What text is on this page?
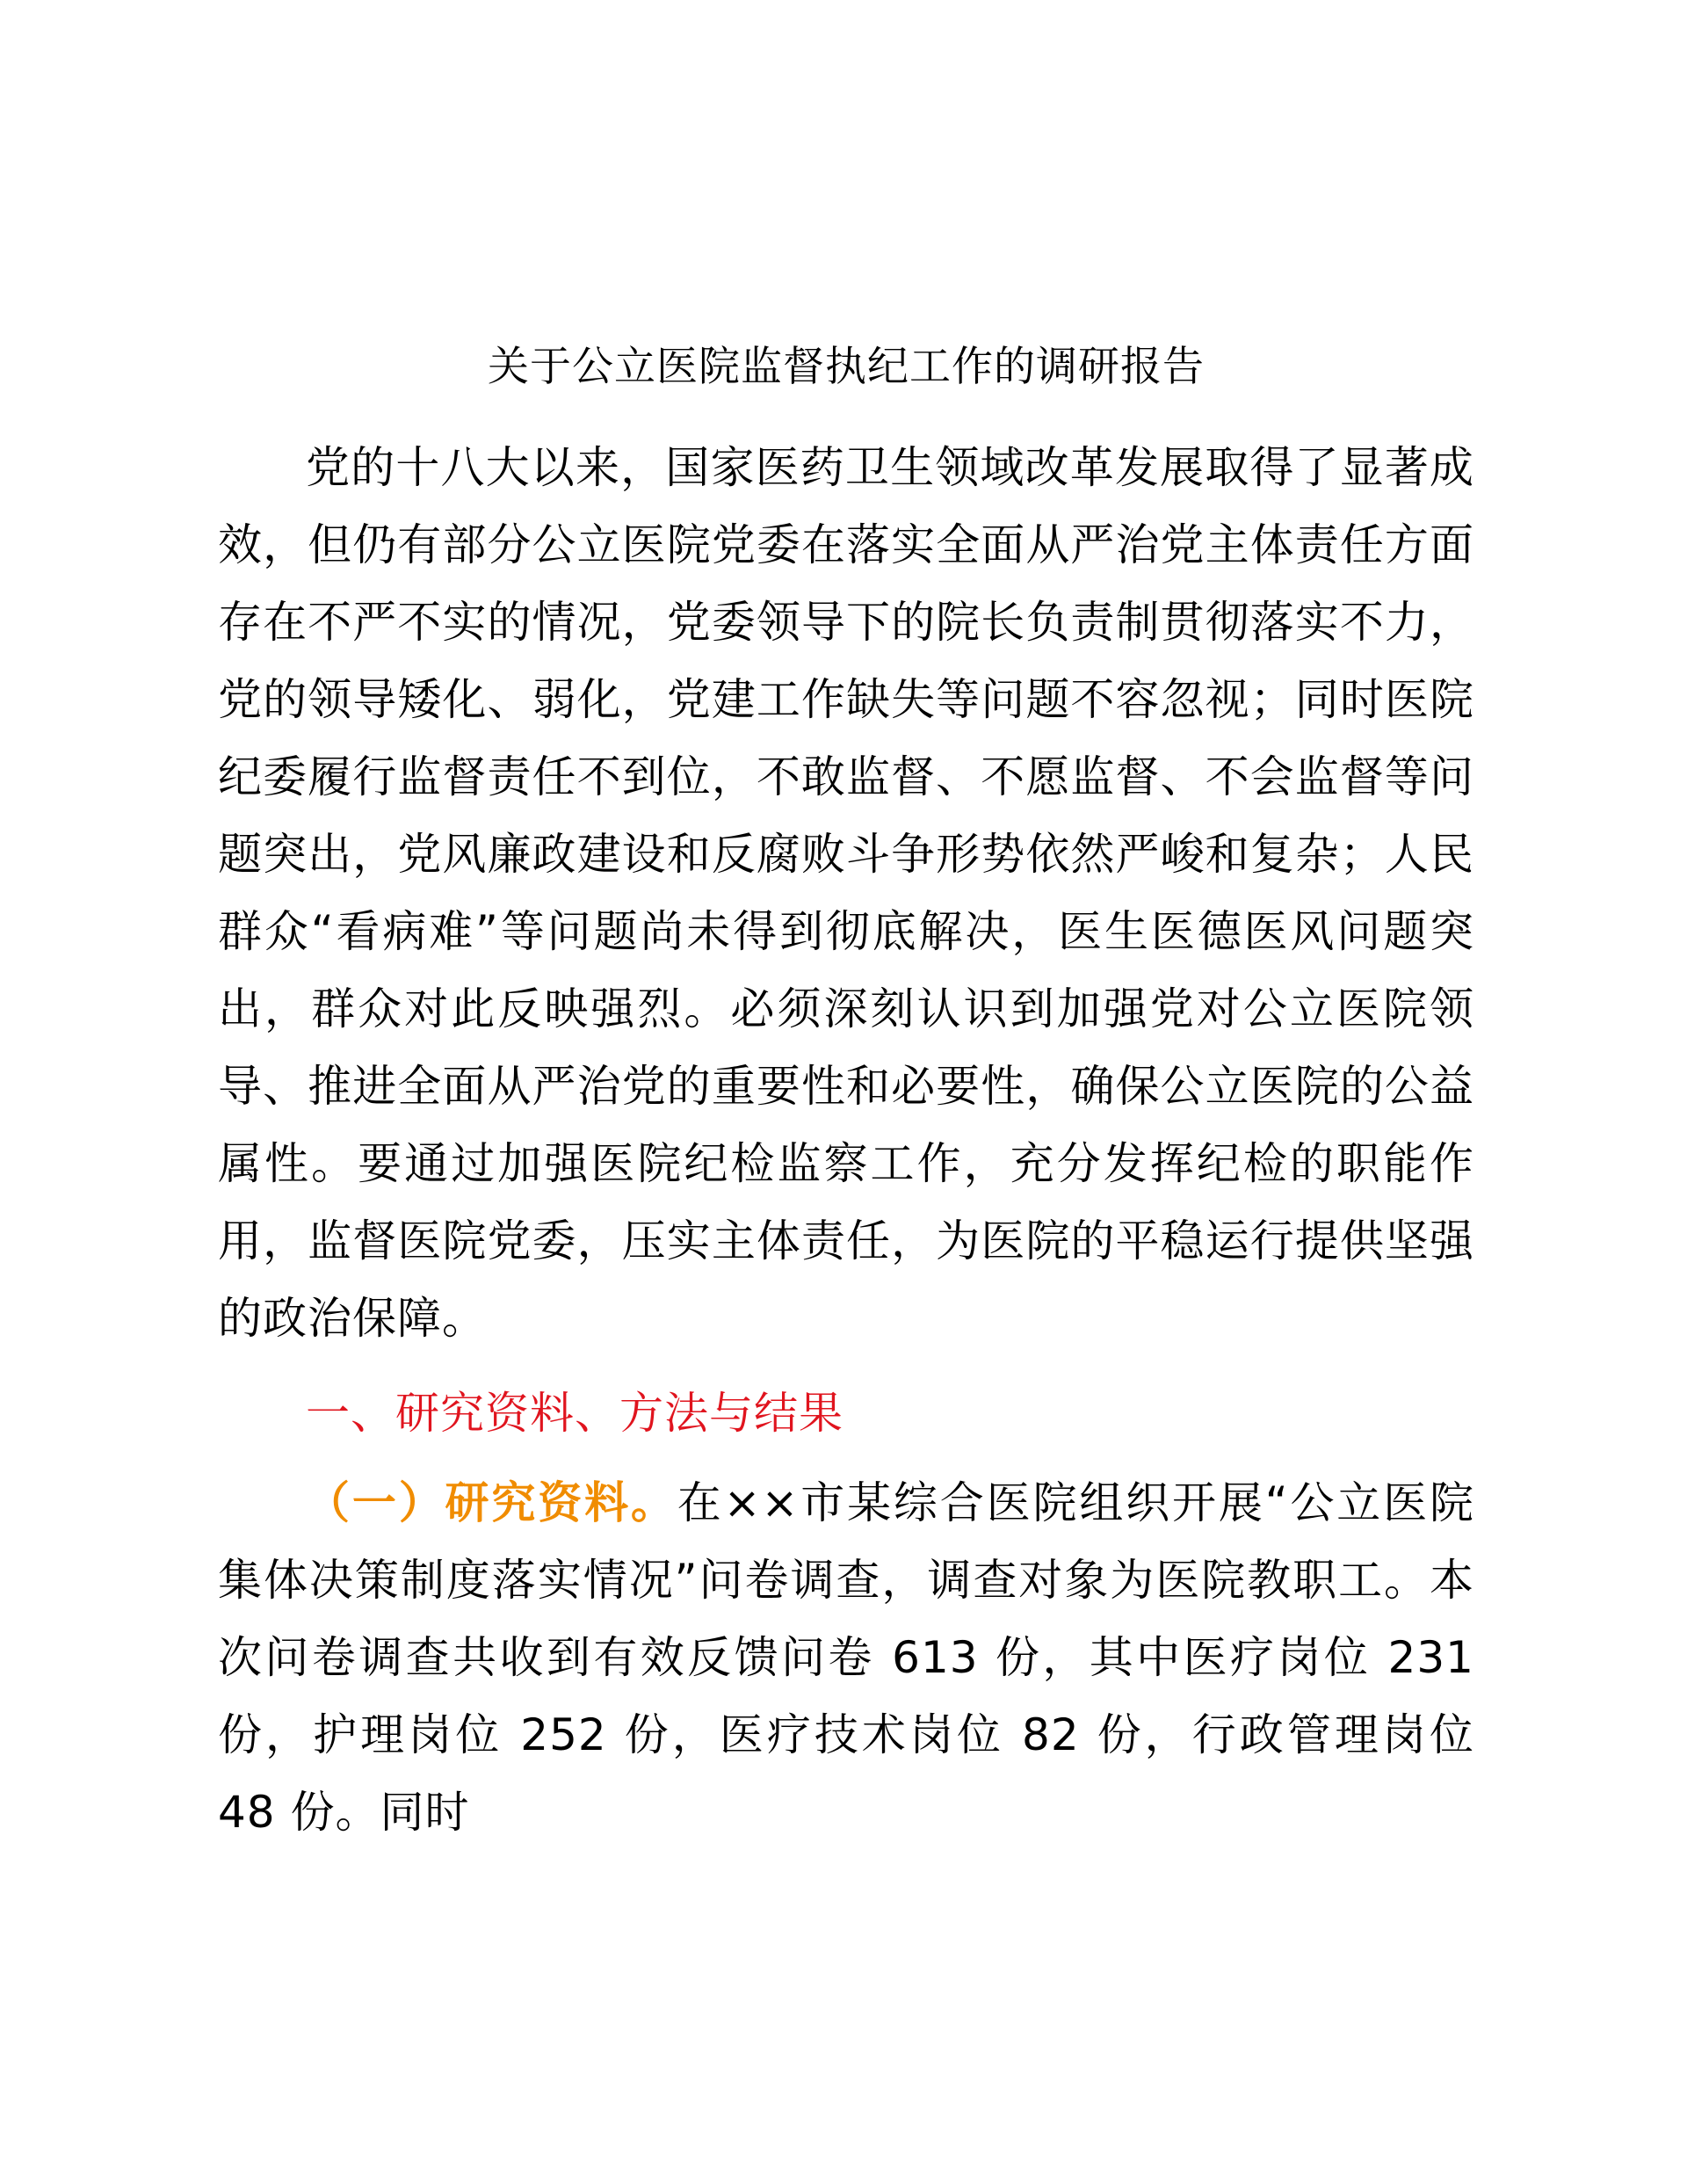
关于公立医院监督执纪工作的调研报告

党的十八大以来，国家医药卫生领域改革发展取得了显著成效，但仍有部分公立医院党委在落实全面从严治党主体责任方面存在不严不实的情况，党委领导下的院长负责制贯彻落实不力，党的领导矮化、弱化，党建工作缺失等问题不容忽视；同时医院纪委履行监督责任不到位，不敢监督、不愿监督、不会监督等问题突出，党风廉政建设和反腐败斗争形势依然严峻和复杂；人民群众“看病难”等问题尚未得到彻底解决，医生医德医风问题突出，群众对此反映强烈。必须深刻认识到加强党对公立医院领导、推进全面从严治党的重要性和必要性，确保公立医院的公益属性。要通过加强医院纪检监察工作，充分发挥纪检的职能作用，监督医院党委，压实主体责任，为医院的平稳运行提供坚强的政治保障。

一、研究资料、方法与结果

（一）研究资料。在××市某综合医院组织开展“公立医院集体决策制度落实情况”问卷调查，调查对象为医院教职工。本次问卷调查共收到有效反馈问卷 613 份，其中医疗岗位 231 份，护理岗位 252 份，医疗技术岗位 82 份，行政管理岗位 48 份。同时
